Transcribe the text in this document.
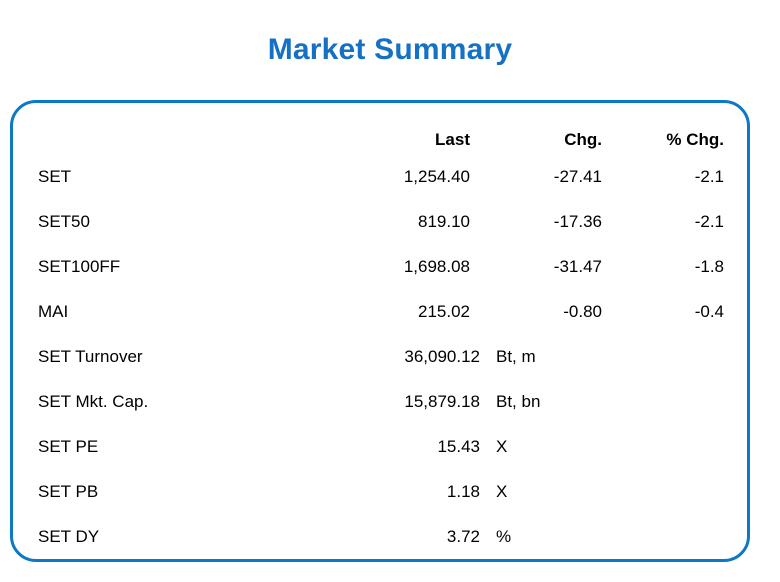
Market Summary
	Last	Chg.	% Chg.
SET	1,254.40	-27.41	-2.1
SET50	819.10	-17.36	-2.1
SET100FF	1,698.08	-31.47	-1.8
MAI	215.02	-0.80	-0.4
SET Turnover	36,090.12 Bt, m		
SET Mkt. Cap.	15,879.18 Bt, bn		
SET PE	15.43 X		
SET PB	1.18 X		
SET DY	3.72 %		
